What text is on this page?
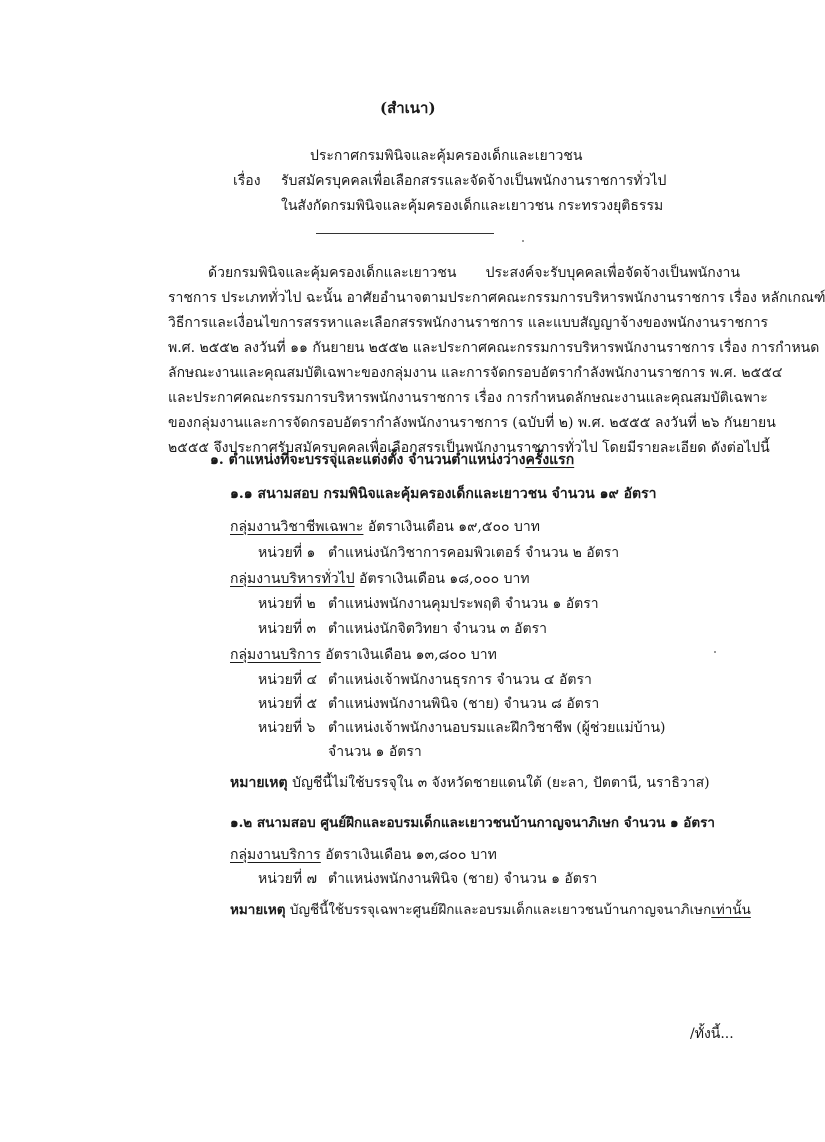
(สำเนา)
ประกาศกรมพินิจและคุ้มครองเด็กและเยาวชน
เรื่อง รับสมัครบุคคลเพื่อเลือกสรรและจัดจ้างเป็นพนักงานราชการทั่วไป
ในสังกัดกรมพินิจและคุ้มครองเด็กและเยาวชน กระทรวงยุติธรรม
ด้วยกรมพินิจและคุ้มครองเด็กและเยาวชน ประสงค์จะรับบุคคลเพื่อจัดจ้างเป็นพนักงาน
ราชการ ประเภททั่วไป ฉะนั้น อาศัยอำนาจตามประกาศคณะกรรมการบริหารพนักงานราชการ เรื่อง หลักเกณฑ์
วิธีการและเงื่อนไขการสรรหาและเลือกสรรพนักงานราชการ และแบบสัญญาจ้างของพนักงานราชการ
พ.ศ. ๒๕๕๒ ลงวันที่ ๑๑ กันยายน ๒๕๕๒ และประกาศคณะกรรมการบริหารพนักงานราชการ เรื่อง การกำหนด
ลักษณะงานและคุณสมบัติเฉพาะของกลุ่มงาน และการจัดกรอบอัตรากำลังพนักงานราชการ พ.ศ. ๒๕๕๔
และประกาศคณะกรรมการบริหารพนักงานราชการ เรื่อง การกำหนดลักษณะงานและคุณสมบัติเฉพาะ
ของกลุ่มงานและการจัดกรอบอัตรากำลังพนักงานราชการ (ฉบับที่ ๒) พ.ศ. ๒๕๕๕ ลงวันที่ ๒๖ กันยายน
๒๕๕๕ จึงประกาศรับสมัครบุคคลเพื่อเลือกสรรเป็นพนักงานราชการทั่วไป โดยมีรายละเอียด ดังต่อไปนี้
๑. ตำแหน่งที่จะบรรจุและแต่งตั้ง จำนวนตำแหน่งว่างครั้งแรก
๑.๑ สนามสอบ กรมพินิจและคุ้มครองเด็กและเยาวชน จำนวน ๑๙ อัตรา
กลุ่มงานวิชาชีพเฉพาะ อัตราเงินเดือน ๑๙,๕๐๐ บาท
หน่วยที่ ๑ ตำแหน่งนักวิชาการคอมพิวเตอร์ จำนวน ๒ อัตรา
กลุ่มงานบริหารทั่วไป อัตราเงินเดือน ๑๘,๐๐๐ บาท
หน่วยที่ ๒ ตำแหน่งพนักงานคุมประพฤติ จำนวน ๑ อัตรา
หน่วยที่ ๓ ตำแหน่งนักจิตวิทยา จำนวน ๓ อัตรา
กลุ่มงานบริการ อัตราเงินเดือน ๑๓,๘๐๐ บาท
หน่วยที่ ๔ ตำแหน่งเจ้าพนักงานธุรการ จำนวน ๔ อัตรา
หน่วยที่ ๕ ตำแหน่งพนักงานพินิจ (ชาย) จำนวน ๘ อัตรา
หน่วยที่ ๖ ตำแหน่งเจ้าพนักงานอบรมและฝึกวิชาชีพ (ผู้ช่วยแม่บ้าน)
จำนวน ๑ อัตรา
หมายเหตุ บัญชีนี้ไม่ใช้บรรจุใน ๓ จังหวัดชายแดนใต้ (ยะลา, ปัตตานี, นราธิวาส)
๑.๒ สนามสอบ ศูนย์ฝึกและอบรมเด็กและเยาวชนบ้านกาญจนาภิเษก จำนวน ๑ อัตรา
กลุ่มงานบริการ อัตราเงินเดือน ๑๓,๘๐๐ บาท
หน่วยที่ ๗ ตำแหน่งพนักงานพินิจ (ชาย) จำนวน ๑ อัตรา
หมายเหตุ บัญชีนี้ใช้บรรจุเฉพาะศูนย์ฝึกและอบรมเด็กและเยาวชนบ้านกาญจนาภิเษกเท่านั้น
/ทั้งนี้...
